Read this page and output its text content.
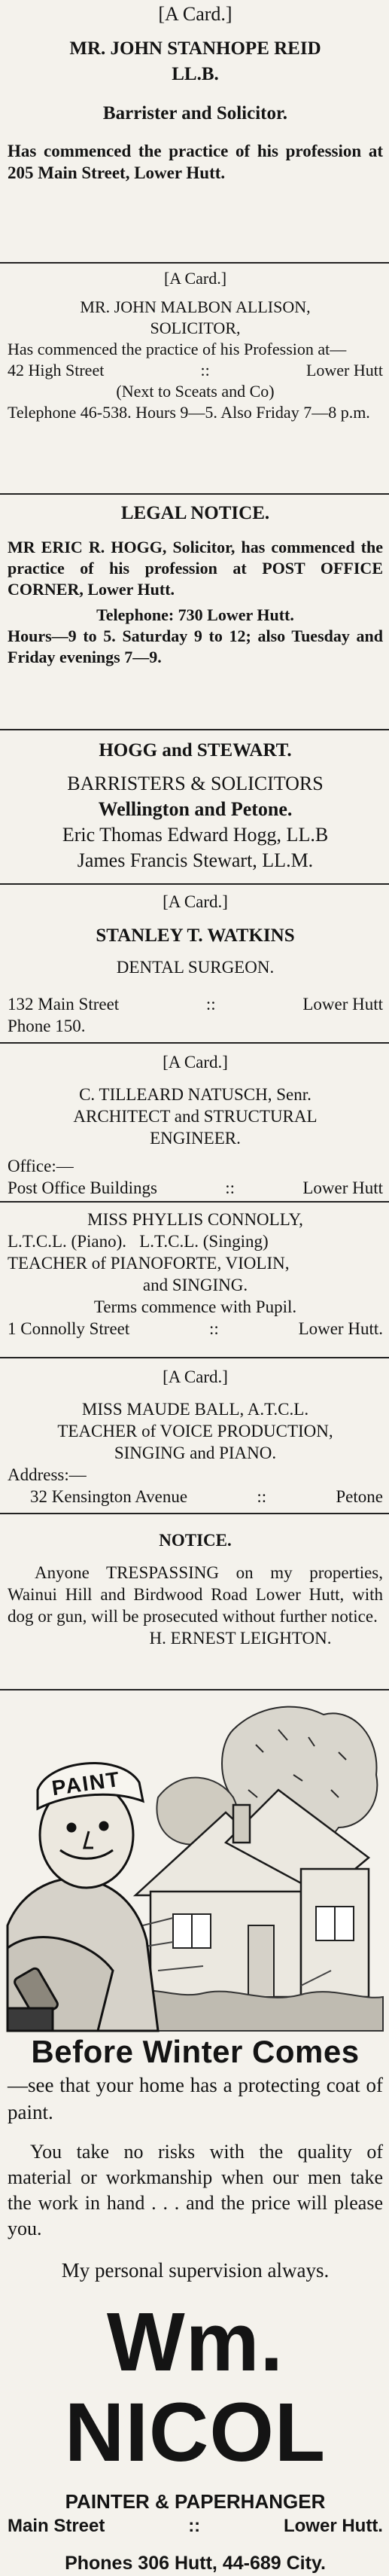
[A Card.]

MR. JOHN STANHOPE REID

LL.B.

Barrister and Solicitor.

Has commenced the practice of his profession at 205 Main Street, Lower Hutt.

[A Card.]

MR. JOHN MALBON ALLISON,

SOLICITOR,

Has commenced the practice of his Profession at—

42 High Street	::	Lower Hutt

(Next to Sceats and Co)

Telephone 46-538. Hours 9—5. Also Friday 7—8 p.m.

LEGAL NOTICE.

MR ERIC R. HOGG, Solicitor, has commenced the practice of his profession at POST OFFICE CORNER, Lower Hutt.

Telephone: 730 Lower Hutt.

Hours—9 to 5. Saturday 9 to 12; also Tuesday and Friday evenings 7—9.

HOGG and STEWART.

BARRISTERS & SOLICITORS

Wellington and Petone.

Eric Thomas Edward Hogg, LL.B

James Francis Stewart, LL.M.

[A Card.]

STANLEY T. WATKINS

DENTAL SURGEON.

132 Main Street	::	Lower Hutt

Phone 150.

[A Card.]

C. TILLEARD NATUSCH, Senr.

ARCHITECT and STRUCTURAL

ENGINEER.

Office:—

Post Office Buildings	::	Lower Hutt

MISS PHYLLIS CONNOLLY,

L.T.C.L. (Piano).   L.T.C.L. (Singing)

TEACHER of PIANOFORTE, VIOLIN,

and SINGING.

Terms commence with Pupil.

1 Connolly Street	::	Lower Hutt.

[A Card.]

MISS MAUDE BALL, A.T.C.L.

TEACHER of VOICE PRODUCTION,

SINGING and PIANO.

Address:—

32 Kensington Avenue	::	Petone

NOTICE.

Anyone TRESPASSING on my properties, Wainui Hill and Birdwood Road Lower Hutt, with dog or gun, will be prosecuted without further notice.

H. ERNEST LEIGHTON.

PAINT

Before Winter Comes

—see that your home has a protecting coat of paint.

You take no risks with the quality of material or workmanship when our men take the work in hand . . . and the price will please you.

My personal supervision always.

Wm. NICOL

PAINTER & PAPERHANGER

Main Street	::	Lower Hutt.

Phones 306 Hutt, 44-689 City.
